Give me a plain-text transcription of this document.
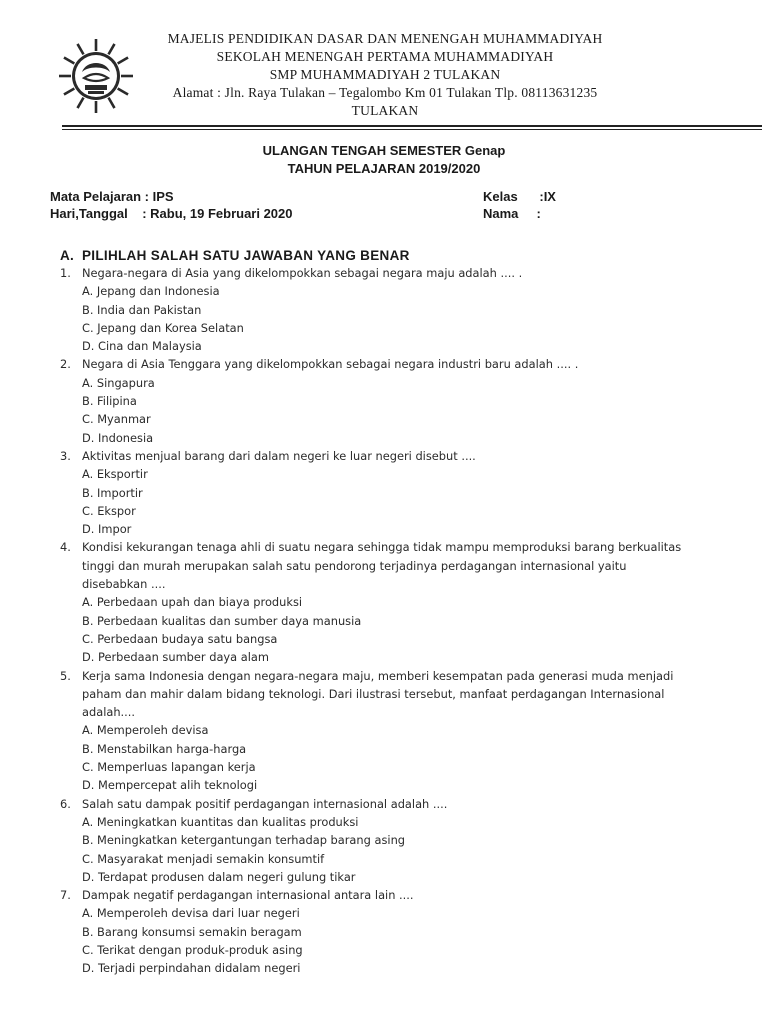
MAJELIS PENDIDIKAN DASAR DAN MENENGAH MUHAMMADIYAH
SEKOLAH MENENGAH PERTAMA MUHAMMADIYAH
SMP MUHAMMADIYAH 2 TULAKAN
Alamat : Jln. Raya Tulakan – Tegalombo Km 01 Tulakan Tlp. 08113631235
TULAKAN
ULANGAN TENGAH SEMESTER Genap
TAHUN PELAJARAN 2019/2020
Mata Pelajaran : IPS
Hari,Tanggal    : Rabu, 19 Februari 2020
Kelas      :IX
Nama     :
A. PILIHLAH SALAH SATU JAWABAN YANG BENAR
1. Negara-negara di Asia yang dikelompokkan sebagai negara maju adalah .... .
A. Jepang dan Indonesia
B. India dan Pakistan
C. Jepang dan Korea Selatan
D. Cina dan Malaysia
2. Negara di Asia Tenggara yang dikelompokkan sebagai negara industri baru adalah .... .
A. Singapura
B. Filipina
C. Myanmar
D. Indonesia
3. Aktivitas menjual barang dari dalam negeri ke luar negeri disebut ....
A. Eksportir
B. Importir
C. Ekspor
D. Impor
4. Kondisi kekurangan tenaga ahli di suatu negara sehingga tidak mampu memproduksi barang berkualitas
tinggi dan murah merupakan salah satu pendorong terjadinya perdagangan internasional yaitu
disebabkan ....
A. Perbedaan upah dan biaya produksi
B. Perbedaan kualitas dan sumber daya manusia
C. Perbedaan budaya satu bangsa
D. Perbedaan sumber daya alam
5. Kerja sama Indonesia dengan negara-negara maju, memberi kesempatan pada generasi muda menjadi
paham dan mahir dalam bidang teknologi. Dari ilustrasi tersebut, manfaat perdagangan Internasional
adalah....
A. Memperoleh devisa
B. Menstabilkan harga-harga
C. Memperluas lapangan kerja
D. Mempercepat alih teknologi
6. Salah satu dampak positif perdagangan internasional adalah ....
A. Meningkatkan kuantitas dan kualitas produksi
B. Meningkatkan ketergantungan terhadap barang asing
C. Masyarakat menjadi semakin konsumtif
D. Terdapat produsen dalam negeri gulung tikar
7. Dampak negatif perdagangan internasional antara lain ....
A. Memperoleh devisa dari luar negeri
B. Barang konsumsi semakin beragam
C. Terikat dengan produk-produk asing
D. Terjadi perpindahan didalam negeri
